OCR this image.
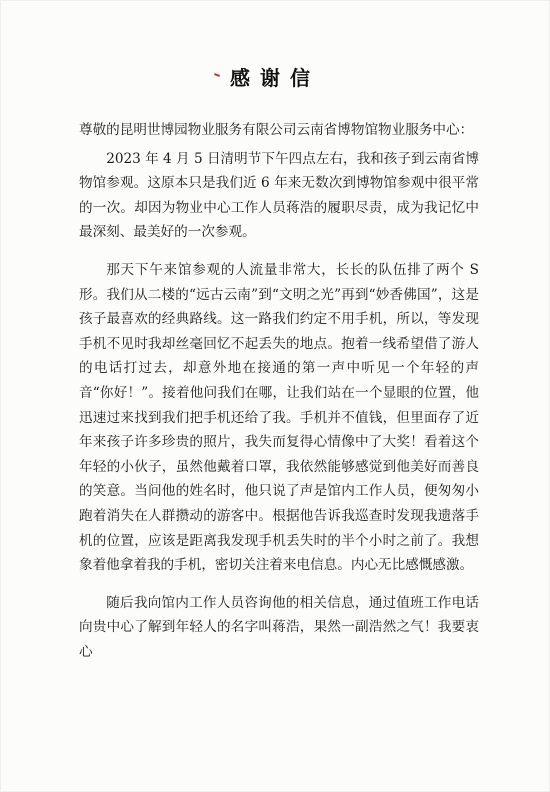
感谢信

尊敬的昆明世博园物业服务有限公司云南省博物馆物业服务中心：

2023 年 4 月 5 日清明节下午四点左右，我和孩子到云南省博物馆参观。这原本只是我们近 6 年来无数次到博物馆参观中很平常的一次。却因为物业中心工作人员蒋浩的履职尽责，成为我记忆中最深刻、最美好的一次参观。

那天下午来馆参观的人流量非常大，长长的队伍排了两个 S 形。我们从二楼的“远古云南”到“文明之光”再到“妙香佛国”，这是孩子最喜欢的经典路线。这一路我们约定不用手机，所以，等发现手机不见时我却丝毫回忆不起丢失的地点。抱着一线希望借了游人的电话打过去，却意外地在接通的第一声中听见一个年轻的声音“你好！”。接着他问我们在哪，让我们站在一个显眼的位置，他迅速过来找到我们把手机还给了我。手机并不值钱，但里面存了近年来孩子许多珍贵的照片，我失而复得心情像中了大奖！看着这个年轻的小伙子，虽然他戴着口罩，我依然能够感觉到他美好而善良的笑意。当问他的姓名时，他只说了声是馆内工作人员，便匆匆小跑着消失在人群攒动的游客中。根据他告诉我巡查时发现我遗落手机的位置，应该是距离我发现手机丢失时的半个小时之前了。我想象着他拿着我的手机，密切关注着来电信息。内心无比感慨感激。

随后我向馆内工作人员咨询他的相关信息，通过值班工作电话向贵中心了解到年轻人的名字叫蒋浩，果然一副浩然之气！我要衷心
